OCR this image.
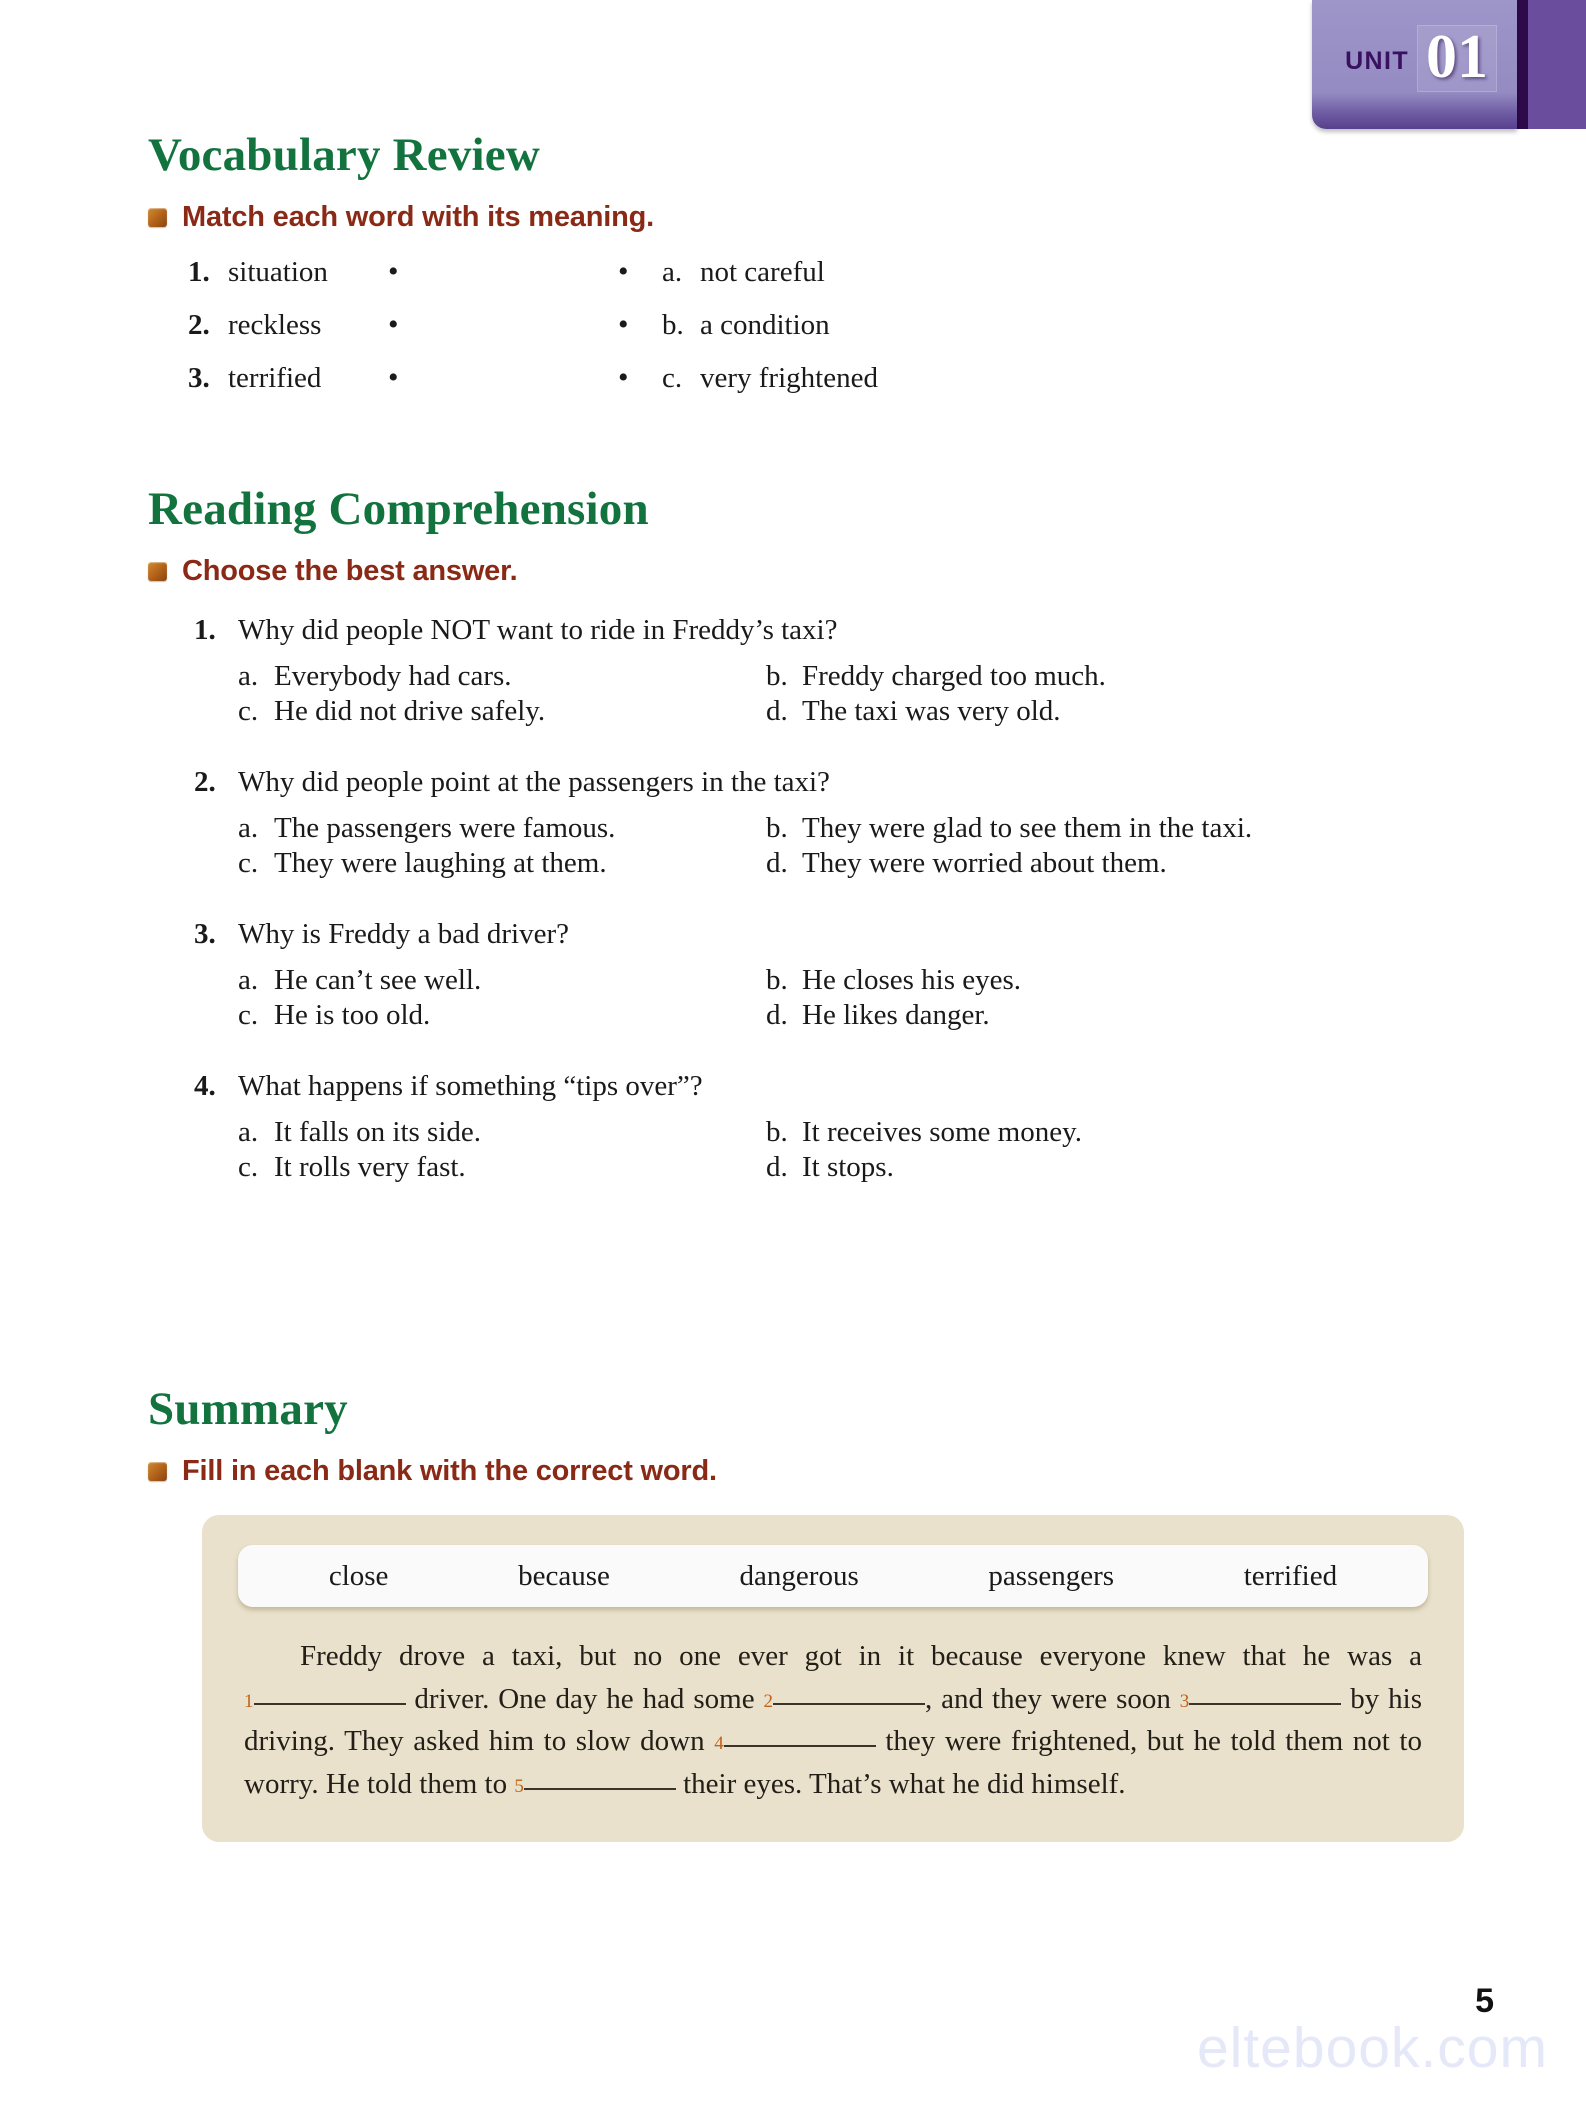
UNIT 01
Vocabulary Review
Match each word with its meaning.
1. situation	•	•	a. not careful
2. reckless	•	•	b. a condition
3. terrified	•	•	c. very frightened
Reading Comprehension
Choose the best answer.
1. Why did people NOT want to ride in Freddy’s taxi?
a. Everybody had cars.	b. Freddy charged too much.
c. He did not drive safely.	d. The taxi was very old.
2. Why did people point at the passengers in the taxi?
a. The passengers were famous.	b. They were glad to see them in the taxi.
c. They were laughing at them.	d. They were worried about them.
3. Why is Freddy a bad driver?
a. He can’t see well.	b. He closes his eyes.
c. He is too old.	d. He likes danger.
4. What happens if something “tips over”?
a. It falls on its side.	b. It receives some money.
c. It rolls very fast.	d. It stops.
Summary
Fill in each blank with the correct word.
close	because	dangerous	passengers	terrified
Freddy drove a taxi, but no one ever got in it because everyone knew that he was a 1	driver. One day he had some 2	, and they were soon 3	by his driving. They asked him to slow down 4	they were frightened, but he told them not to worry. He told them to 5	their eyes. That’s what he did himself.
eltebook.com
5
